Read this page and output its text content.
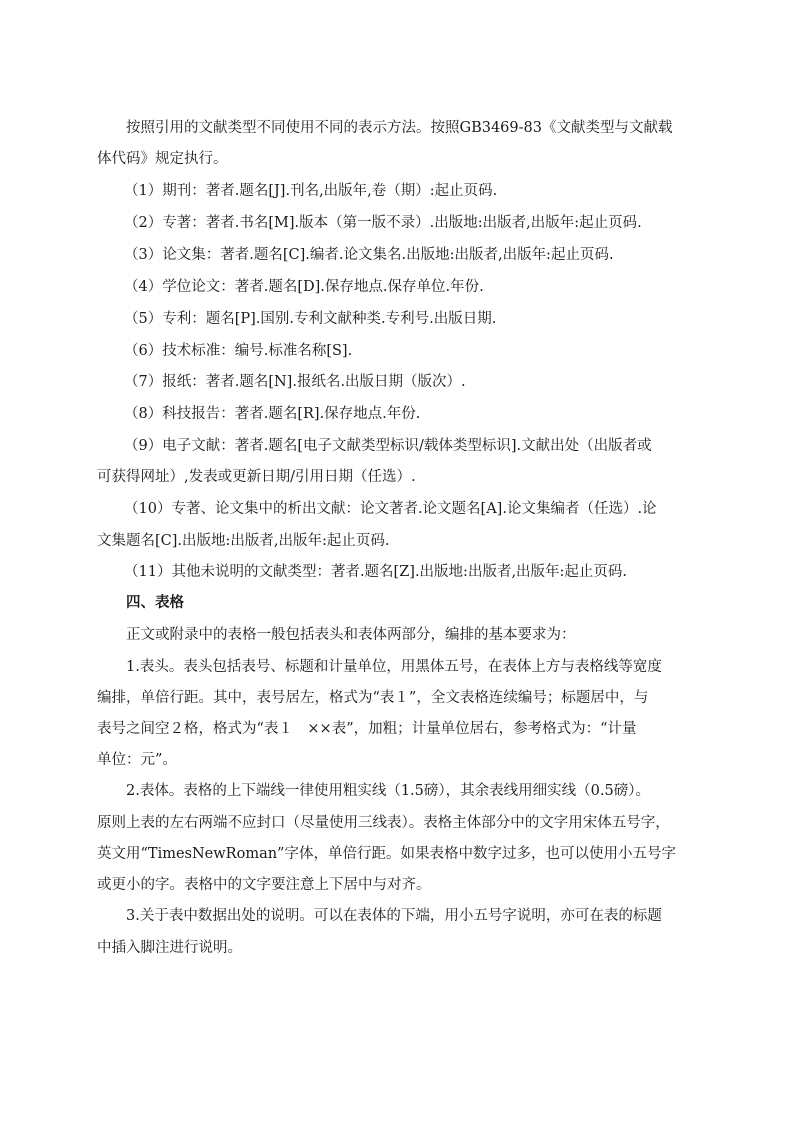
按照引用的文献类型不同使用不同的表示方法。按照GB3469-83《文献类型与文献载
体代码》规定执行。
（1）期刊：著者.题名[J].刊名,出版年,卷（期）:起止页码.
（2）专著：著者.书名[M].版本（第一版不录）.出版地:出版者,出版年:起止页码.
（3）论文集：著者.题名[C].编者.论文集名.出版地:出版者,出版年:起止页码.
（4）学位论文：著者.题名[D].保存地点.保存单位.年份.
（5）专利：题名[P].国别.专利文献种类.专利号.出版日期.
（6）技术标准：编号.标准名称[S].
（7）报纸：著者.题名[N].报纸名.出版日期（版次）.
（8）科技报告：著者.题名[R].保存地点.年份.
（9）电子文献：著者.题名[电子文献类型标识/载体类型标识].文献出处（出版者或
可获得网址）,发表或更新日期/引用日期（任选）.
（10）专著、论文集中的析出文献：论文著者.论文题名[A].论文集编者（任选）.论
文集题名[C].出版地:出版者,出版年:起止页码.
（11）其他未说明的文献类型：著者.题名[Z].出版地:出版者,出版年:起止页码.
四、表格
正文或附录中的表格一般包括表头和表体两部分，编排的基本要求为：
1.表头。表头包括表号、标题和计量单位，用黑体五号，在表体上方与表格线等宽度
编排，单倍行距。其中，表号居左，格式为“表１”，全文表格连续编号；标题居中，与
表号之间空２格，格式为“表１　××表”，加粗；计量单位居右，参考格式为：“计量
单位：元”。
2.表体。表格的上下端线一律使用粗实线（1.5磅），其余表线用细实线（0.5磅）。
原则上表的左右两端不应封口（尽量使用三线表）。表格主体部分中的文字用宋体五号字，
英文用“TimesNewRoman”字体，单倍行距。如果表格中数字过多，也可以使用小五号字
或更小的字。表格中的文字要注意上下居中与对齐。
3.关于表中数据出处的说明。可以在表体的下端，用小五号字说明，亦可在表的标题
中插入脚注进行说明。
